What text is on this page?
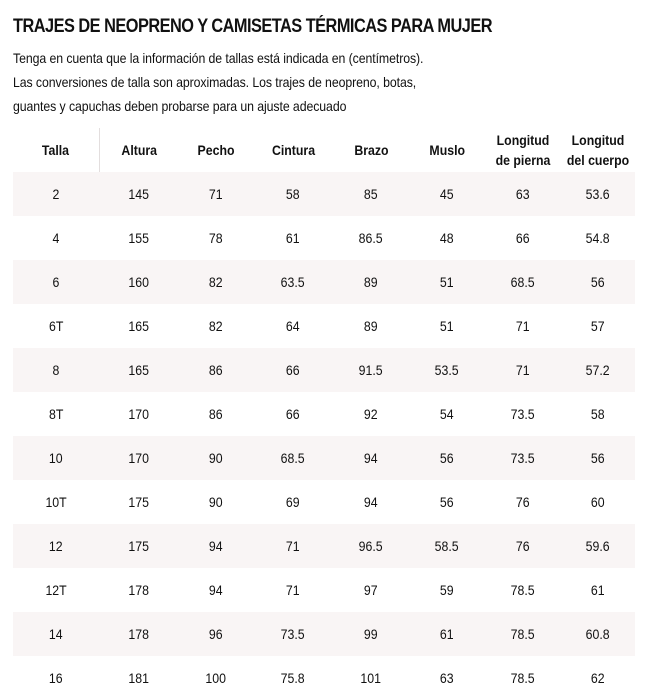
TRAJES DE NEOPRENO Y CAMISETAS TÉRMICAS PARA MUJER
Tenga en cuenta que la información de tallas está indicada en (centímetros). Las conversiones de talla son aproximadas. Los trajes de neopreno, botas, guantes y capuchas deben probarse para un ajuste adecuado
Talla	Altura	Pecho	Cintura	Brazo	Muslo	Longitud de pierna	Longitud del cuerpo
2	145	71	58	85	45	63	53.6
4	155	78	61	86.5	48	66	54.8
6	160	82	63.5	89	51	68.5	56
6T	165	82	64	89	51	71	57
8	165	86	66	91.5	53.5	71	57.2
8T	170	86	66	92	54	73.5	58
10	170	90	68.5	94	56	73.5	56
10T	175	90	69	94	56	76	60
12	175	94	71	96.5	58.5	76	59.6
12T	178	94	71	97	59	78.5	61
14	178	96	73.5	99	61	78.5	60.8
16	181	100	75.8	101	63	78.5	62
